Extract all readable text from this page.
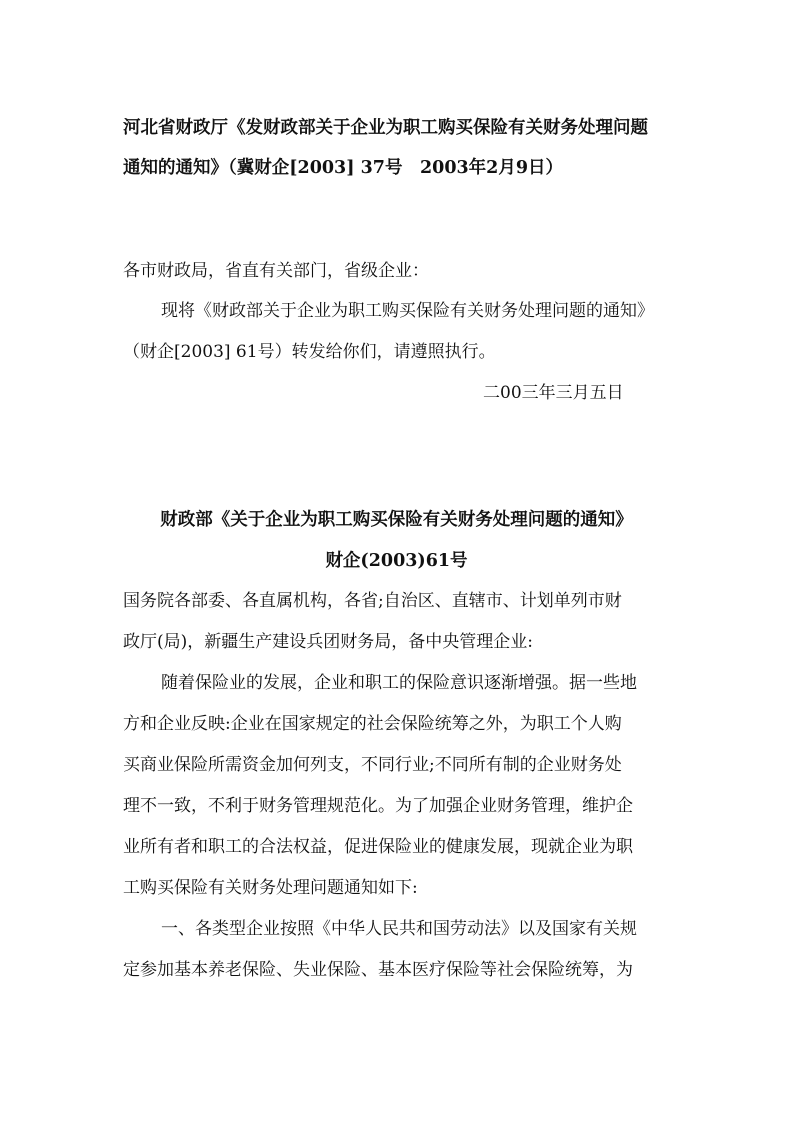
河北省财政厅《发财政部关于企业为职工购买保险有关财务处理问题
通知的通知》（冀财企[2003] 37号　2003年2月9日）
各市财政局，省直有关部门，省级企业：
现将《财政部关于企业为职工购买保险有关财务处理问题的通知》
（财企[2003] 61号）转发给你们，请遵照执行。
二00三年三月五日
财政部《关于企业为职工购买保险有关财务处理问题的通知》
财企(2003)61号
国务院各部委、各直属机构，各省;自治区、直辖市、计划单列市财
政厅(局)，新疆生产建设兵团财务局，备中央管理企业:
随着保险业的发展，企业和职工的保险意识逐渐增强。据一些地
方和企业反映:企业在国家规定的社会保险统筹之外，为职工个人购
买商业保险所需资金加何列支，不同行业;不同所有制的企业财务处
理不一致，不利于财务管理规范化。为了加强企业财务管理，维护企
业所有者和职工的合法权益，促进保险业的健康发展，现就企业为职
工购买保险有关财务处理问题通知如下:
一、各类型企业按照《中华人民共和国劳动法》以及国家有关规
定参加基本养老保险、失业保险、基本医疗保险等社会保险统筹，为
